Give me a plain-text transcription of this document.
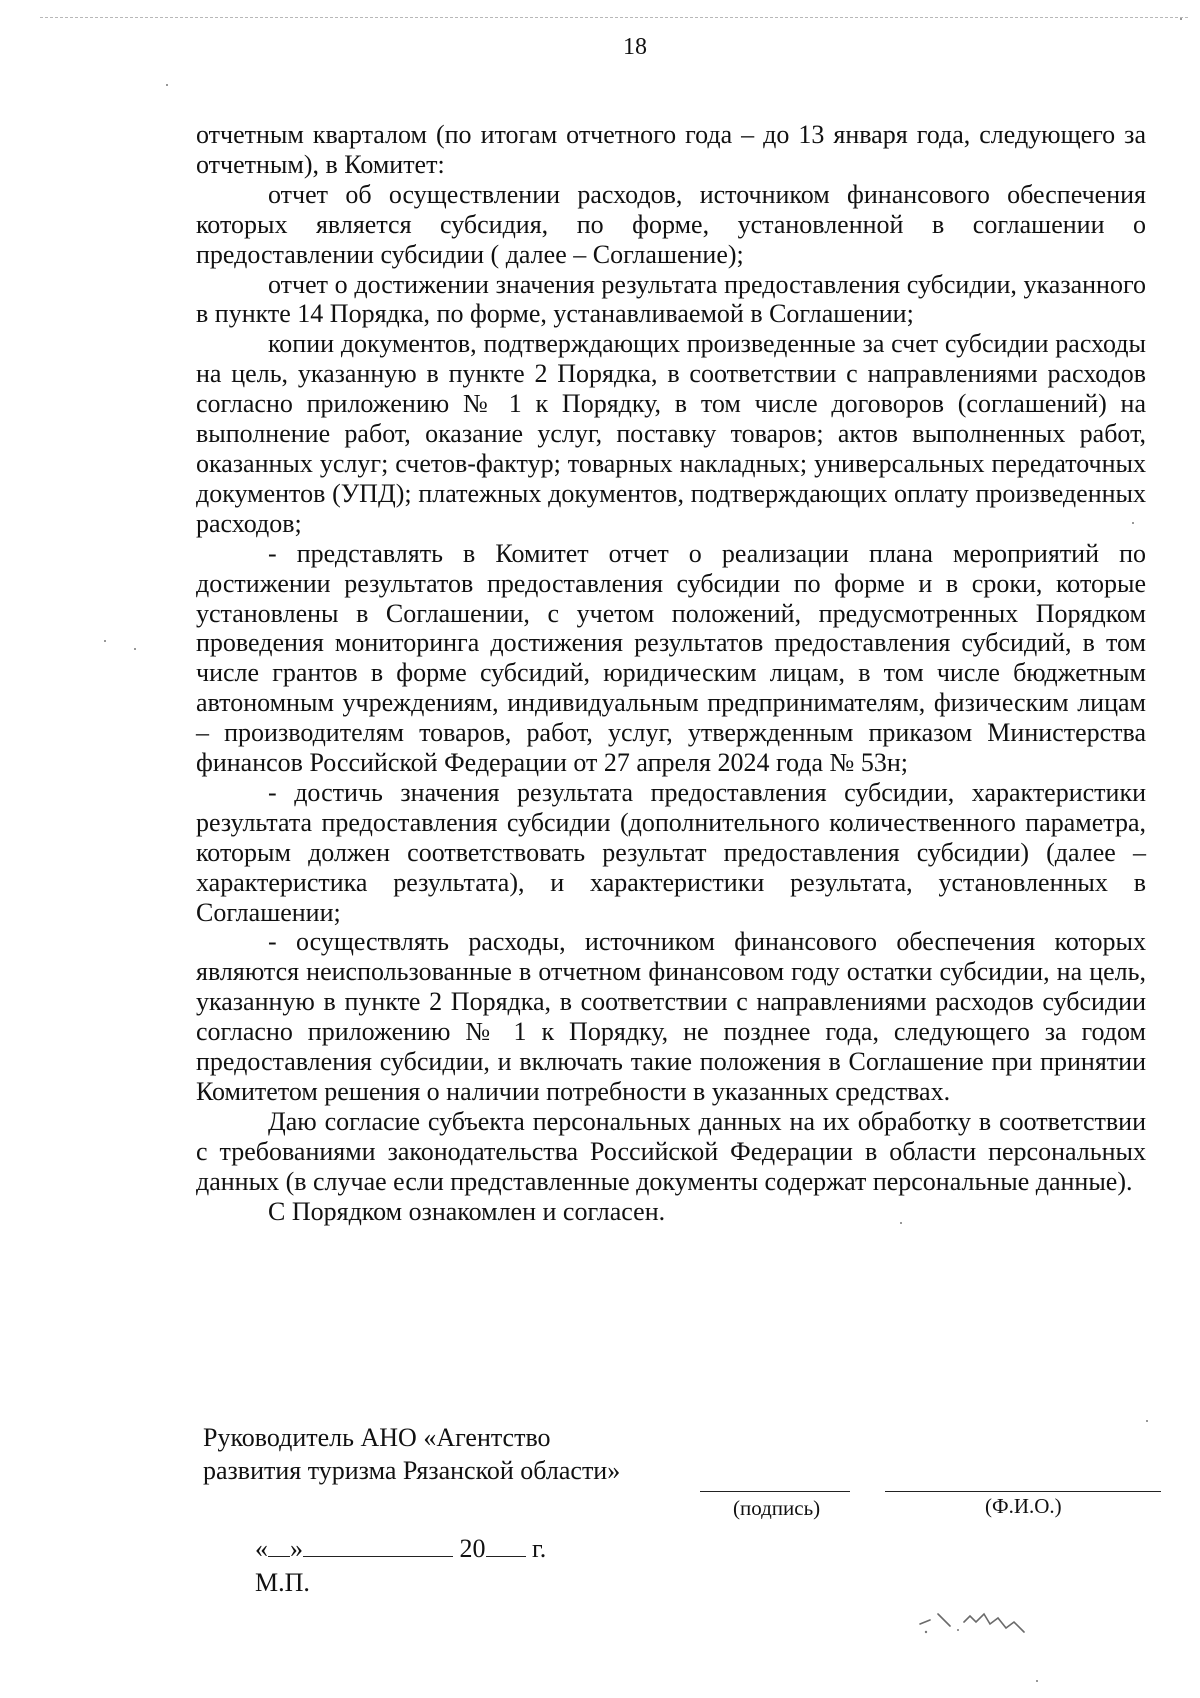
18

отчетным кварталом (по итогам отчетного года – до 13 января года, следующего за отчетным), в Комитет:

отчет об осуществлении расходов, источником финансового обеспечения которых является субсидия, по форме, установленной в соглашении о предоставлении субсидии ( далее – Соглашение);

отчет о достижении значения результата предоставления субсидии, указанного в пункте 14 Порядка, по форме, устанавливаемой в Соглашении;

копии документов, подтверждающих произведенные за счет субсидии расходы на цель, указанную в пункте 2 Порядка, в соответствии с направлениями расходов согласно приложению № 1 к Порядку, в том числе договоров (соглашений) на выполнение работ, оказание услуг, поставку товаров; актов выполненных работ, оказанных услуг; счетов-фактур; товарных накладных; универсальных передаточных документов (УПД); платежных документов, подтверждающих оплату произведенных расходов;

- представлять в Комитет отчет о реализации плана мероприятий по достижении результатов предоставления субсидии по форме и в сроки, которые установлены в Соглашении, с учетом положений, предусмотренных Порядком проведения мониторинга достижения результатов предоставления субсидий, в том числе грантов в форме субсидий, юридическим лицам, в том числе бюджетным автономным учреждениям, индивидуальным предпринимателям, физическим лицам – производителям товаров, работ, услуг, утвержденным приказом Министерства финансов Российской Федерации от 27 апреля 2024 года № 53н;

- достичь значения результата предоставления субсидии, характеристики результата предоставления субсидии (дополнительного количественного параметра, которым должен соответствовать результат предоставления субсидии) (далее – характеристика результата), и характеристики результата, установленных в Соглашении;

- осуществлять расходы, источником финансового обеспечения которых являются неиспользованные в отчетном финансовом году остатки субсидии, на цель, указанную в пункте 2 Порядка, в соответствии с направлениями расходов субсидии согласно приложению № 1 к Порядку, не позднее года, следующего за годом предоставления субсидии, и включать такие положения в Соглашение при принятии Комитетом решения о наличии потребности в указанных средствах.

Даю согласие субъекта персональных данных на их обработку в соответствии с требованиями законодательства Российской Федерации в области персональных данных (в случае если представленные документы содержат персональные данные).

С Порядком ознакомлен и согласен.

Руководитель АНО «Агентство
развития туризма Рязанской области»
(подпись)	(Ф.И.О.)
« »	20 г.
М.П.
